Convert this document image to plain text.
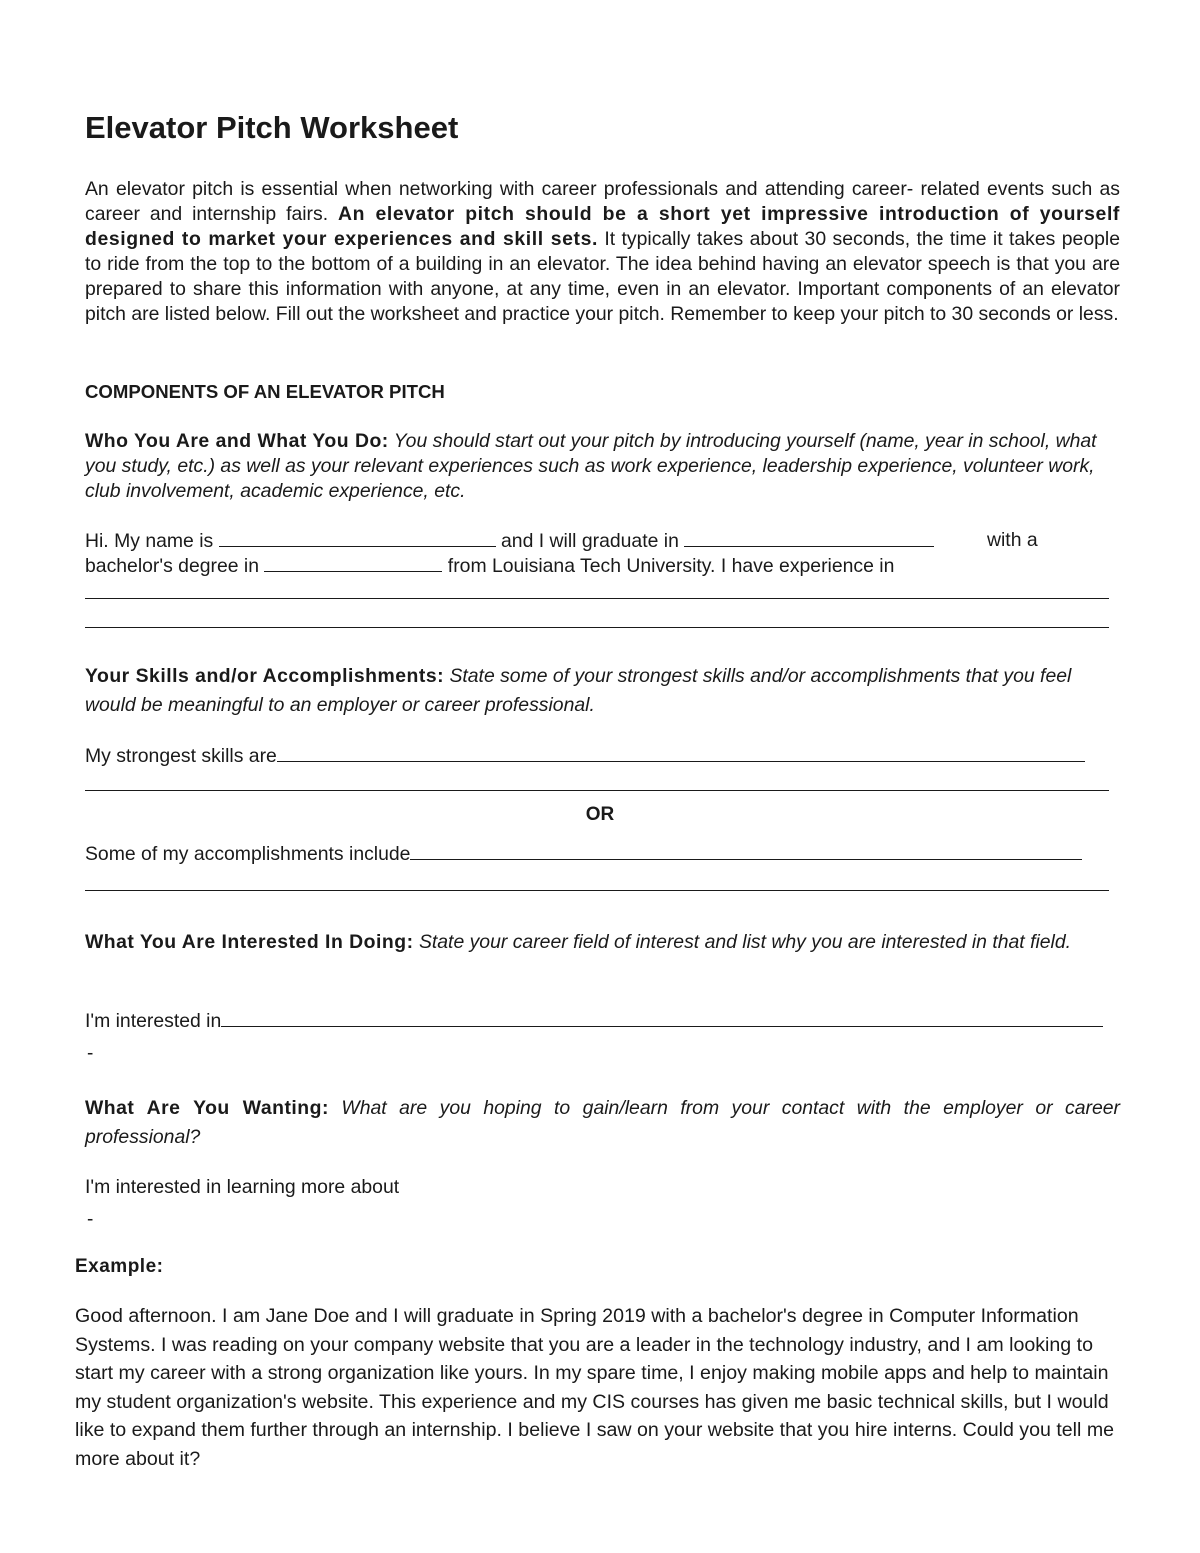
Elevator Pitch Worksheet

An elevator pitch is essential when networking with career professionals and attending career- related events such as career and internship fairs. An elevator pitch should be a short yet impressive introduction of yourself designed to market your experiences and skill sets. It typically takes about 30 seconds, the time it takes people to ride from the top to the bottom of a building in an elevator. The idea behind having an elevator speech is that you are prepared to share this information with anyone, at any time, even in an elevator. Important components of an elevator pitch are listed below. Fill out the worksheet and practice your pitch. Remember to keep your pitch to 30 seconds or less.

COMPONENTS OF AN ELEVATOR PITCH

Who You Are and What You Do: You should start out your pitch by introducing yourself (name, year in school, what you study, etc.) as well as your relevant experiences such as work experience, leadership experience, volunteer work, club involvement, academic experience, etc.

Hi. My name is	and I will graduate in	with a
bachelor's degree in	from Louisiana Tech University. I have experience in

Your Skills and/or Accomplishments: State some of your strongest skills and/or accomplishments that you feel would be meaningful to an employer or career professional.

My strongest skills are
OR
Some of my accomplishments include

What You Are Interested In Doing: State your career field of interest and list why you are interested in that field.

I'm interested in
-

What Are You Wanting: What are you hoping to gain/learn from your contact with the employer or career professional?

I'm interested in learning more about
-
Example:

Good afternoon. I am Jane Doe and I will graduate in Spring 2019 with a bachelor's degree in Computer Information Systems. I was reading on your company website that you are a leader in the technology industry, and I am looking to start my career with a strong organization like yours. In my spare time, I enjoy making mobile apps and help to maintain my student organization's website. This experience and my CIS courses has given me basic technical skills, but I would like to expand them further through an internship. I believe I saw on your website that you hire interns. Could you tell me more about it?
